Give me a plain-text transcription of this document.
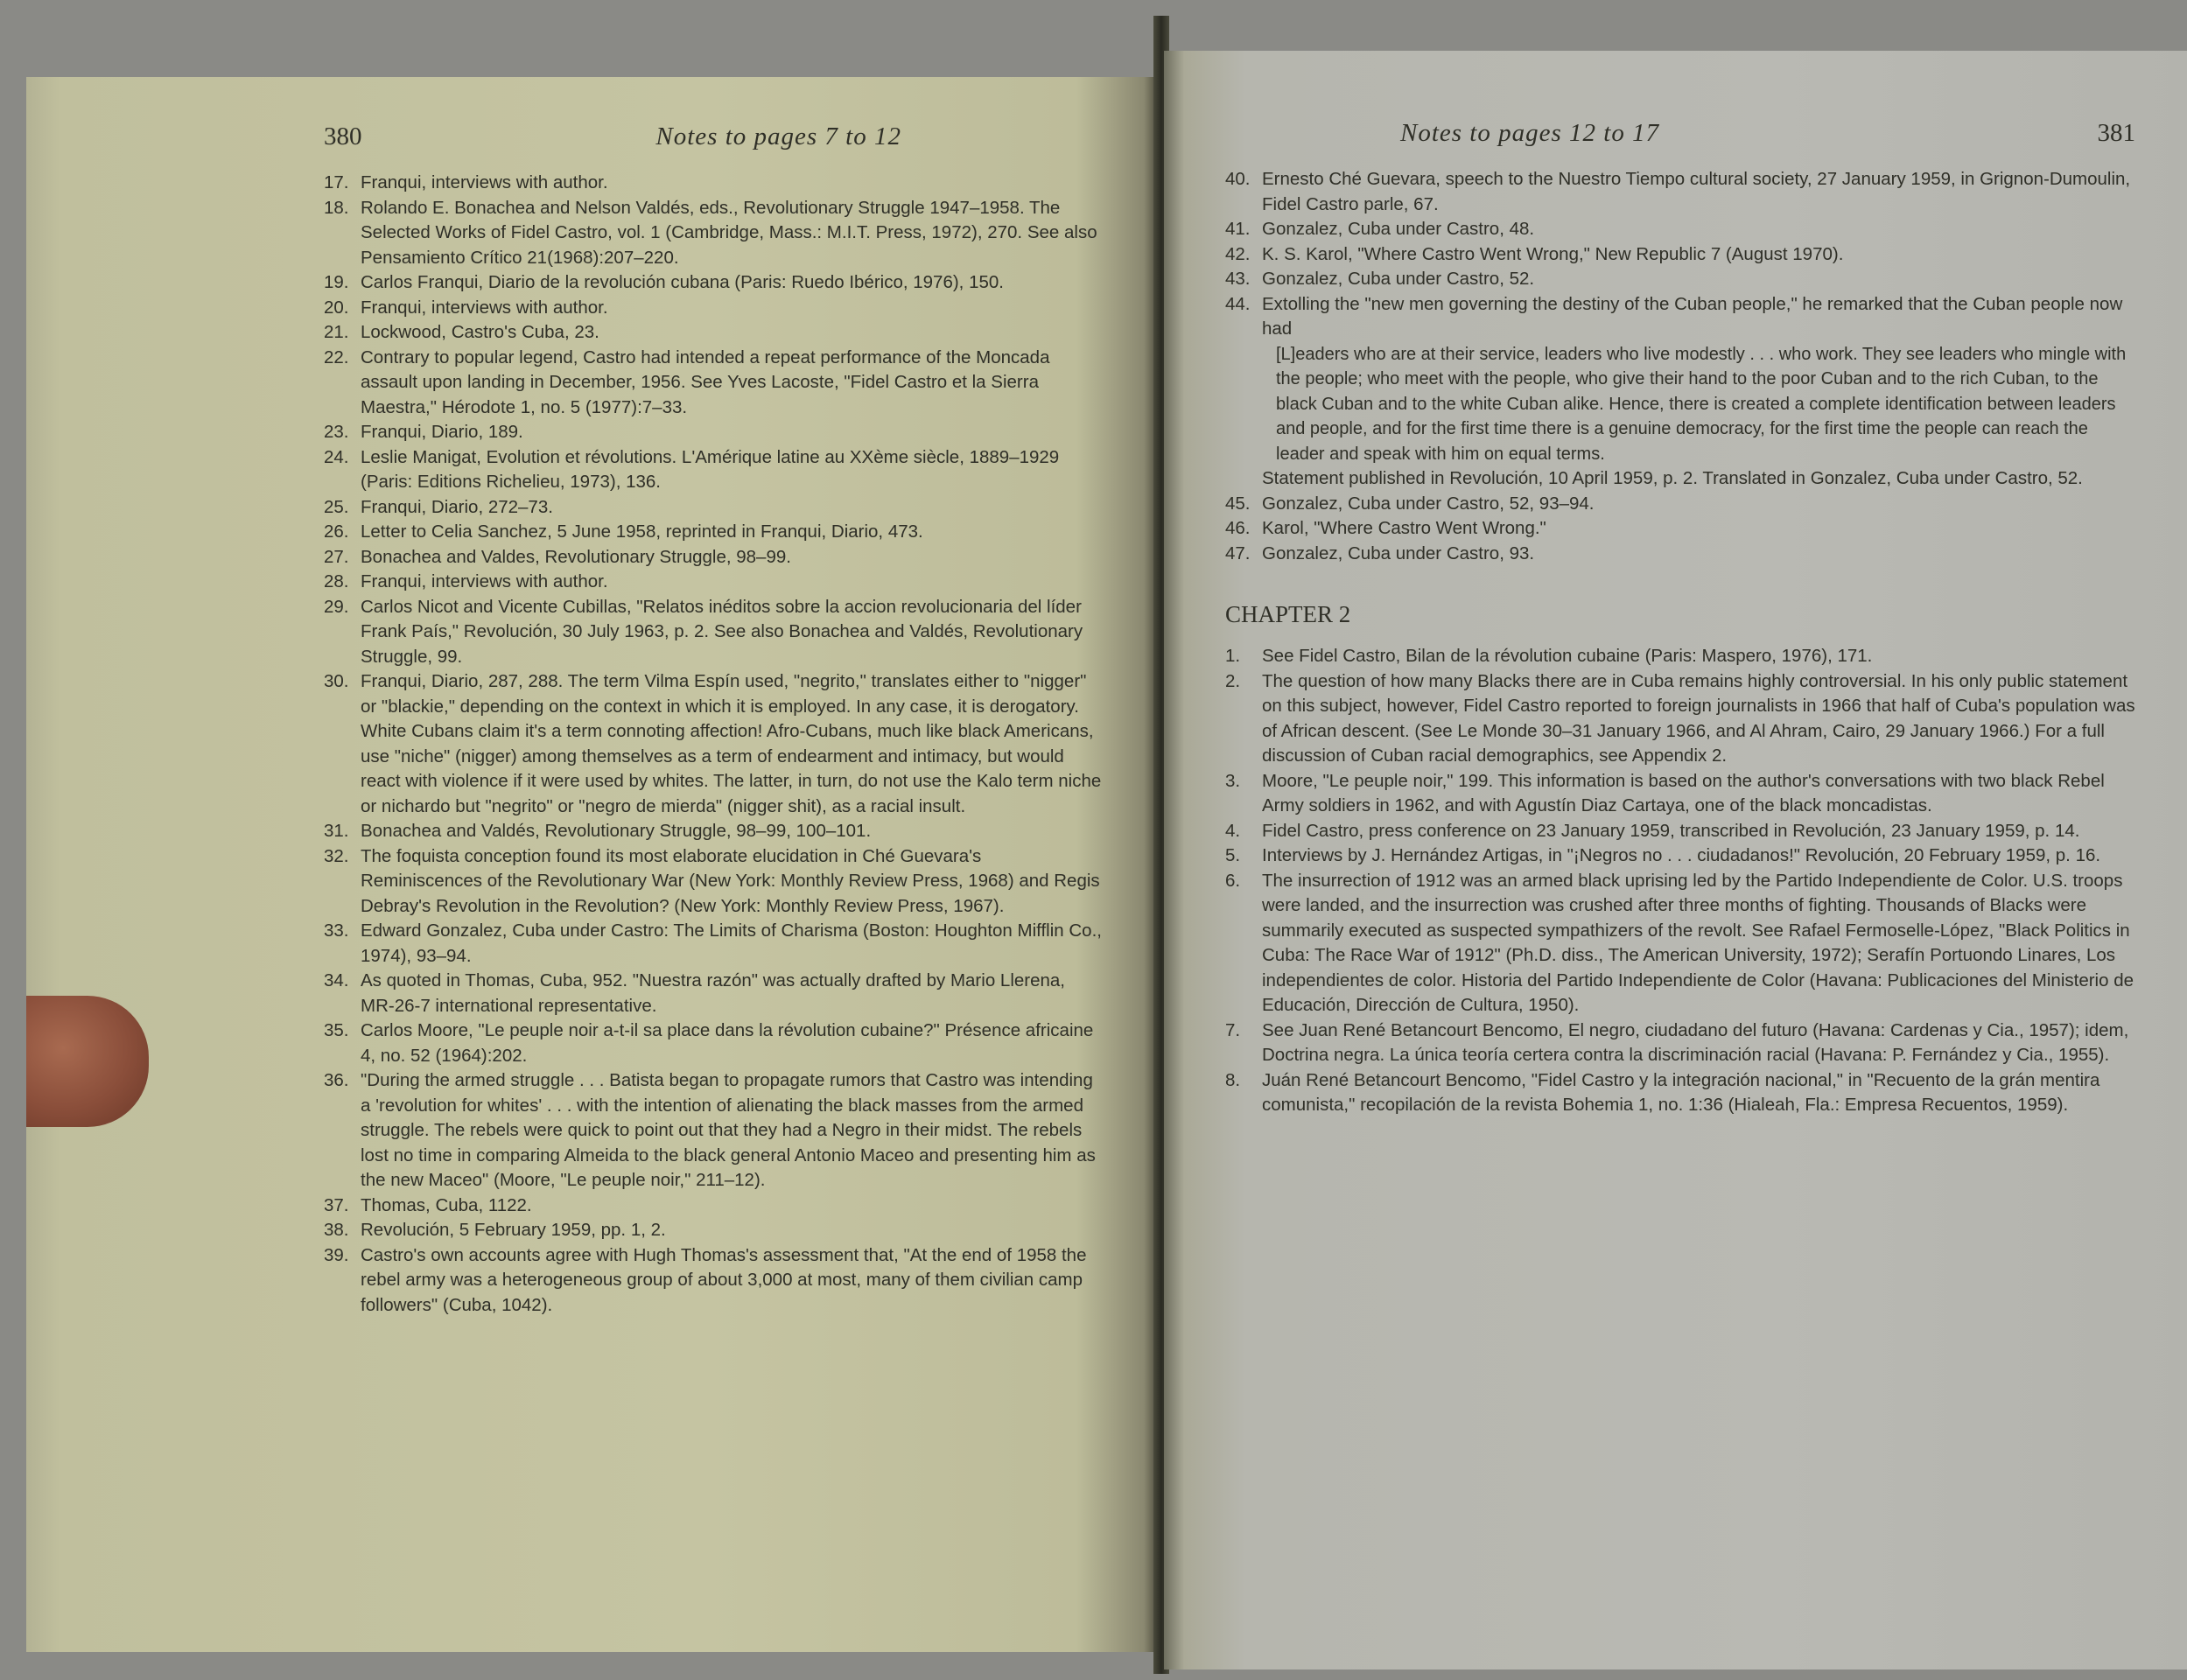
380	Notes to pages 7 to 12
17. Franqui, interviews with author.
18. Rolando E. Bonachea and Nelson Valdés, eds., Revolutionary Struggle 1947–1958. The Selected Works of Fidel Castro, vol. 1 (Cambridge, Mass.: M.I.T. Press, 1972), 270. See also Pensamiento Crítico 21(1968):207–220.
19. Carlos Franqui, Diario de la revolución cubana (Paris: Ruedo Ibérico, 1976), 150.
20. Franqui, interviews with author.
21. Lockwood, Castro's Cuba, 23.
22. Contrary to popular legend, Castro had intended a repeat performance of the Moncada assault upon landing in December, 1956. See Yves Lacoste, "Fidel Castro et la Sierra Maestra," Hérodote 1, no. 5 (1977):7–33.
23. Franqui, Diario, 189.
24. Leslie Manigat, Evolution et révolutions. L'Amérique latine au XXème siècle, 1889–1929 (Paris: Editions Richelieu, 1973), 136.
25. Franqui, Diario, 272–73.
26. Letter to Celia Sanchez, 5 June 1958, reprinted in Franqui, Diario, 473.
27. Bonachea and Valdes, Revolutionary Struggle, 98–99.
28. Franqui, interviews with author.
29. Carlos Nicot and Vicente Cubillas, "Relatos inéditos sobre la accion revolucionaria del líder Frank País," Revolución, 30 July 1963, p. 2. See also Bonachea and Valdés, Revolutionary Struggle, 99.
30. Franqui, Diario, 287, 288. The term Vilma Espín used, "negrito," translates either to "nigger" or "blackie," depending on the context in which it is employed. In any case, it is derogatory. White Cubans claim it's a term connoting affection! Afro-Cubans, much like black Americans, use "niche" (nigger) among themselves as a term of endearment and intimacy, but would react with violence if it were used by whites. The latter, in turn, do not use the Kalo term niche or nichardo but "negrito" or "negro de mierda" (nigger shit), as a racial insult.
31. Bonachea and Valdés, Revolutionary Struggle, 98–99, 100–101.
32. The foquista conception found its most elaborate elucidation in Ché Guevara's Reminiscences of the Revolutionary War (New York: Monthly Review Press, 1968) and Regis Debray's Revolution in the Revolution? (New York: Monthly Review Press, 1967).
33. Edward Gonzalez, Cuba under Castro: The Limits of Charisma (Boston: Houghton Mifflin Co., 1974), 93–94.
34. As quoted in Thomas, Cuba, 952. "Nuestra razón" was actually drafted by Mario Llerena, MR-26-7 international representative.
35. Carlos Moore, "Le peuple noir a-t-il sa place dans la révolution cubaine?" Présence africaine 4, no. 52 (1964):202.
36. "During the armed struggle . . . Batista began to propagate rumors that Castro was intending a 'revolution for whites' . . . with the intention of alienating the black masses from the armed struggle. The rebels were quick to point out that they had a Negro in their midst. The rebels lost no time in comparing Almeida to the black general Antonio Maceo and presenting him as the new Maceo" (Moore, "Le peuple noir," 211–12).
37. Thomas, Cuba, 1122.
38. Revolución, 5 February 1959, pp. 1, 2.
39. Castro's own accounts agree with Hugh Thomas's assessment that, "At the end of 1958 the rebel army was a heterogeneous group of about 3,000 at most, many of them civilian camp followers" (Cuba, 1042).
Notes to pages 12 to 17	381
40. Ernesto Ché Guevara, speech to the Nuestro Tiempo cultural society, 27 January 1959, in Grignon-Dumoulin, Fidel Castro parle, 67.
41. Gonzalez, Cuba under Castro, 48.
42. K. S. Karol, "Where Castro Went Wrong," New Republic 7 (August 1970).
43. Gonzalez, Cuba under Castro, 52.
44. Extolling the "new men governing the destiny of the Cuban people," he remarked that the Cuban people now had

[L]eaders who are at their service, leaders who live modestly . . . who work. They see leaders who mingle with the people; who meet with the people, who give their hand to the poor Cuban and to the rich Cuban, to the black Cuban and to the white Cuban alike. Hence, there is created a complete identification between leaders and people, and for the first time there is a genuine democracy, for the first time the people can reach the leader and speak with him on equal terms.

Statement published in Revolución, 10 April 1959, p. 2. Translated in Gonzalez, Cuba under Castro, 52.

45. Gonzalez, Cuba under Castro, 52, 93–94.
46. Karol, "Where Castro Went Wrong."
47. Gonzalez, Cuba under Castro, 93.
CHAPTER 2
1. See Fidel Castro, Bilan de la révolution cubaine (Paris: Maspero, 1976), 171.
2. The question of how many Blacks there are in Cuba remains highly controversial. In his only public statement on this subject, however, Fidel Castro reported to foreign journalists in 1966 that half of Cuba's population was of African descent. (See Le Monde 30–31 January 1966, and Al Ahram, Cairo, 29 January 1966.) For a full discussion of Cuban racial demographics, see Appendix 2.
3. Moore, "Le peuple noir," 199. This information is based on the author's conversations with two black Rebel Army soldiers in 1962, and with Agustín Diaz Cartaya, one of the black moncadistas.
4. Fidel Castro, press conference on 23 January 1959, transcribed in Revolución, 23 January 1959, p. 14.
5. Interviews by J. Hernández Artigas, in "¡Negros no . . . ciudadanos!" Revolución, 20 February 1959, p. 16.
6. The insurrection of 1912 was an armed black uprising led by the Partido Independiente de Color. U.S. troops were landed, and the insurrection was crushed after three months of fighting. Thousands of Blacks were summarily executed as suspected sympathizers of the revolt. See Rafael Fermoselle-López, "Black Politics in Cuba: The Race War of 1912" (Ph.D. diss., The American University, 1972); Serafín Portuondo Linares, Los independientes de color. Historia del Partido Independiente de Color (Havana: Publicaciones del Ministerio de Educación, Dirección de Cultura, 1950).
7. See Juan René Betancourt Bencomo, El negro, ciudadano del futuro (Havana: Cardenas y Cia., 1957); idem, Doctrina negra. La única teoría certera contra la discriminación racial (Havana: P. Fernández y Cia., 1955).
8. Juán René Betancourt Bencomo, "Fidel Castro y la integración nacional," in "Recuento de la grán mentira comunista," recopilación de la revista Bohemia 1, no. 1:36 (Hialeah, Fla.: Empresa Recuentos, 1959).
